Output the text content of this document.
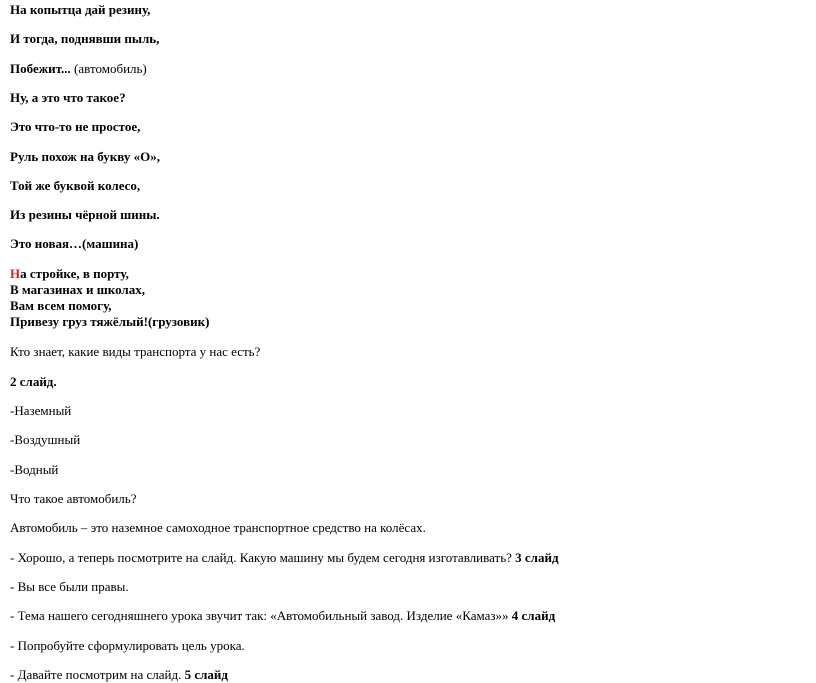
На копытца дай резину,
И тогда, поднявши пыль,
Побежит... (автомобиль)
Ну, а это что такое?
Это что-то не простое,
Руль похож на букву «О»,
Той же буквой колесо,
Из резины чёрной шины.
Это новая…(машина)
На стройке, в порту,
В магазинах и школах,
Вам всем помогу,
Привезу груз тяжёлый!(грузовик)
Кто знает, какие виды транспорта у нас есть?
2 слайд.
-Наземный
-Воздушный
-Водный
Что такое автомобиль?
Автомобиль – это наземное самоходное транспортное средство на колёсах.
- Хорошо, а теперь посмотрите на слайд. Какую машину мы будем сегодня изготавливать? 3 слайд
- Вы все были правы.
- Тема нашего сегодняшнего урока звучит так: «Автомобильный завод. Изделие «Камаз»» 4 слайд
- Попробуйте сформулировать цель урока.
- Давайте посмотрим на слайд. 5 слайд
